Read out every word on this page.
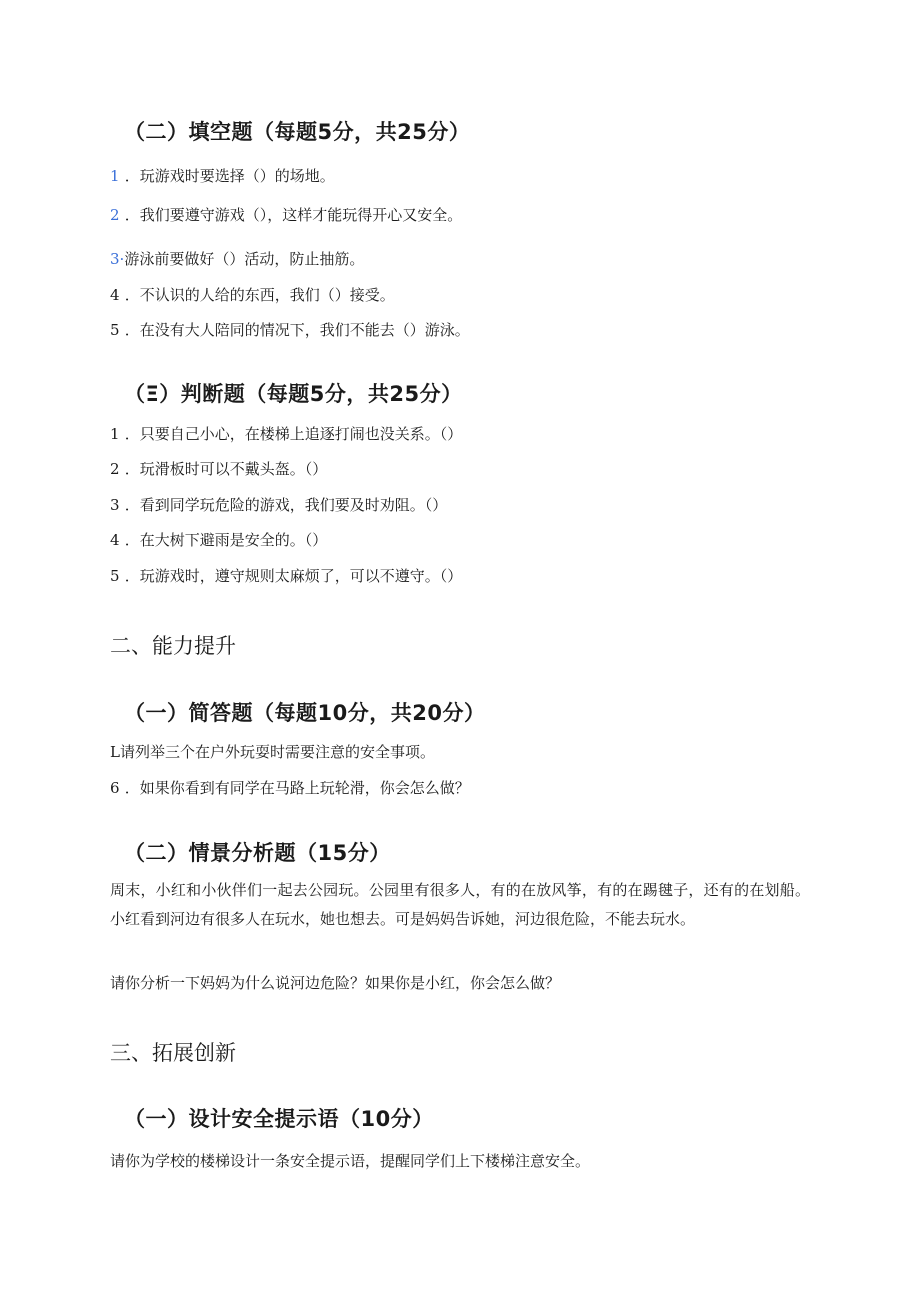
（二）填空题（每题5分，共25分）
1 ．玩游戏时要选择（）的场地。
2 ．我们要遵守游戏（），这样才能玩得开心又安全。
3·游泳前要做好（）活动，防止抽筋。
4 ．不认识的人给的东西，我们（）接受。
5 ．在没有大人陪同的情况下，我们不能去（）游泳。
（Ξ）判断题（每题5分，共25分）
1 ．只要自己小心，在楼梯上追逐打闹也没关系。（）
2 ．玩滑板时可以不戴头盔。（）
3 ．看到同学玩危险的游戏，我们要及时劝阻。（）
4 ．在大树下避雨是安全的。（）
5 ．玩游戏时，遵守规则太麻烦了，可以不遵守。（）
二、能力提升
（一）简答题（每题10分，共20分）
L请列举三个在户外玩耍时需要注意的安全事项。
6 ．如果你看到有同学在马路上玩轮滑，你会怎么做？
（二）情景分析题（15分）
周末，小红和小伙伴们一起去公园玩。公园里有很多人，有的在放风筝，有的在踢毽子，还有的在划船。小红看到河边有很多人在玩水，她也想去。可是妈妈告诉她，河边很危险，不能去玩水。
请你分析一下妈妈为什么说河边危险？如果你是小红，你会怎么做？
三、拓展创新
（一）设计安全提示语（10分）
请你为学校的楼梯设计一条安全提示语，提醒同学们上下楼梯注意安全。
